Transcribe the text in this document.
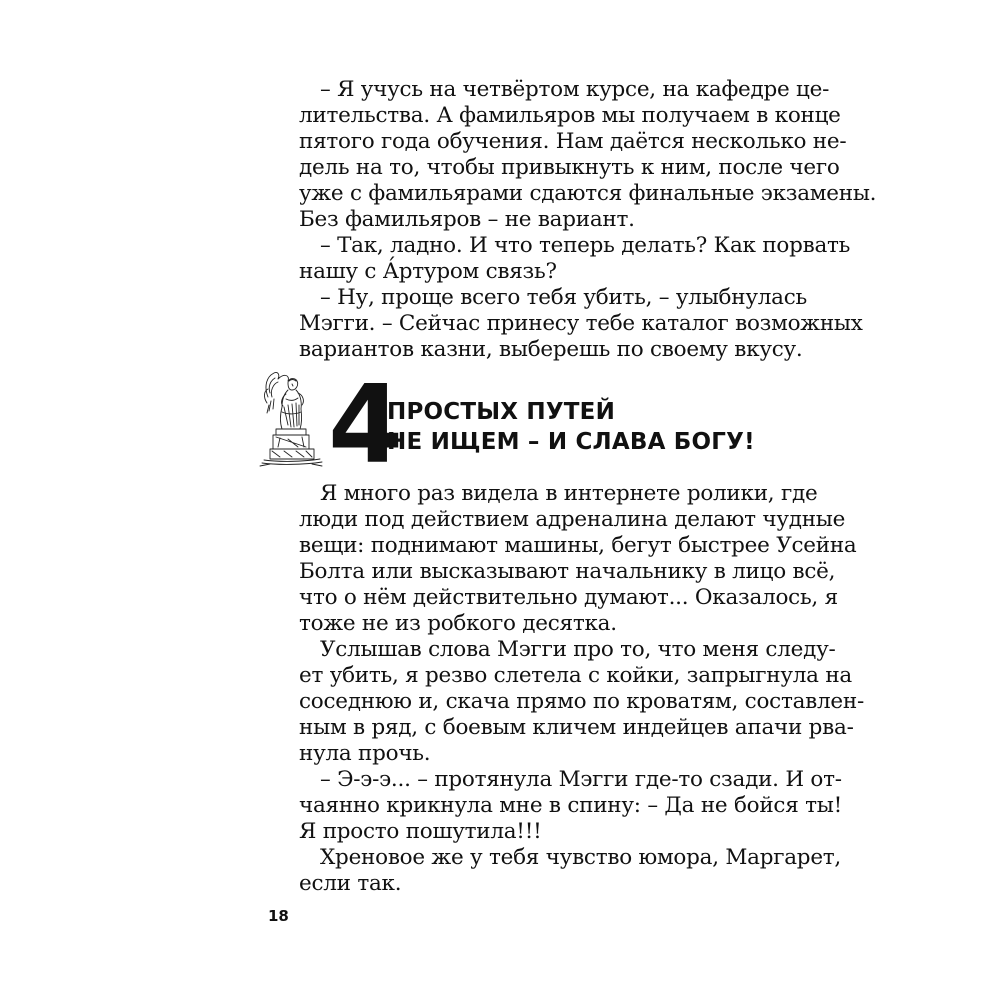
– Я учусь на четвёртом курсе, на кафедре це-
лительства. А фамильяров мы получаем в конце
пятого года обучения. Нам даётся несколько не-
дель на то, чтобы привыкнуть к ним, после чего
уже с фамильярами сдаются финальные экзамены.
Без фамильяров – не вариант.
– Так, ладно. И что теперь делать? Как порвать
нашу с А́ртуром связь?
– Ну, проще всего тебя убить, – улыбнулась
Мэгги. – Сейчас принесу тебе каталог возможных
вариантов казни, выберешь по своему вкусу.
4
ПРОСТЫХ ПУТЕЙ
НЕ ИЩЕМ – И СЛАВА БОГУ!
Я много раз видела в интернете ролики, где
люди под действием адреналина делают чудные
вещи: поднимают машины, бегут быстрее Усейна
Болта или высказывают начальнику в лицо всё,
что о нём действительно думают... Оказалось, я
тоже не из робкого десятка.
Услышав слова Мэгги про то, что меня следу-
ет убить, я резво слетела с койки, запрыгнула на
соседнюю и, скача прямо по кроватям, составлен-
ным в ряд, с боевым кличем индейцев апачи рва-
нула прочь.
– Э-э-э... – протянула Мэгги где-то сзади. И от-
чаянно крикнула мне в спину: – Да не бойся ты!
Я просто пошутила!!!
Хреновое же у тебя чувство юмора, Маргарет,
если так.
18
